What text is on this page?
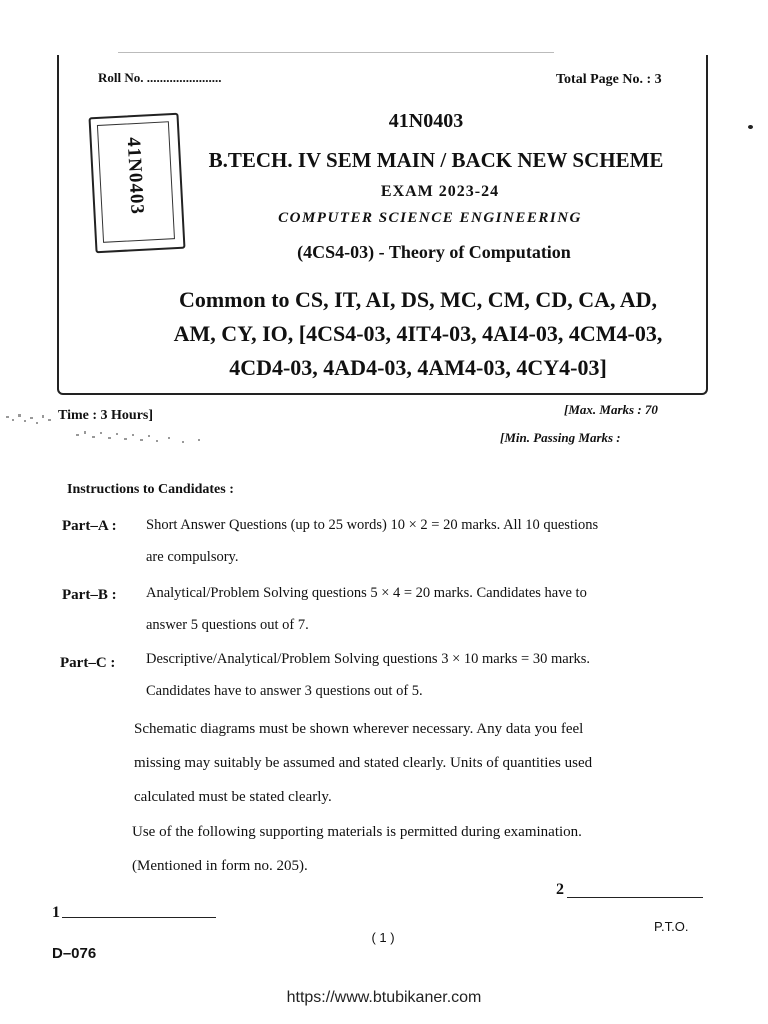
Roll No. .......................	Total Page No. : 3
41N0403
41N0403
B.TECH. IV SEM MAIN / BACK NEW SCHEME
EXAM 2023-24
COMPUTER SCIENCE ENGINEERING
(4CS4-03) - Theory of Computation
Common to CS, IT, AI, DS, MC, CM, CD, CA, AD,
AM, CY, IO, [4CS4-03, 4IT4-03, 4AI4-03, 4CM4-03,
4CD4-03, 4AD4-03, 4AM4-03, 4CY4-03]
Time : 3 Hours]	[Max. Marks : 70
[Min. Passing Marks :
Instructions to Candidates :
Part–A : Short Answer Questions (up to 25 words) 10 × 2 = 20 marks. All 10 questions
are compulsory.
Part–B : Analytical/Problem Solving questions 5 × 4 = 20 marks. Candidates have to
answer 5 questions out of 7.
Part–C : Descriptive/Analytical/Problem Solving questions 3 × 10 marks = 30 marks.
Candidates have to answer 3 questions out of 5.
Schematic diagrams must be shown wherever necessary. Any data you feel
missing may suitably be assumed and stated clearly. Units of quantities used
calculated must be stated clearly.
Use of the following supporting materials is permitted during examination.
(Mentioned in form no. 205).
2
1
P.T.O.
( 1 )
D–076
https://www.btubikaner.com
